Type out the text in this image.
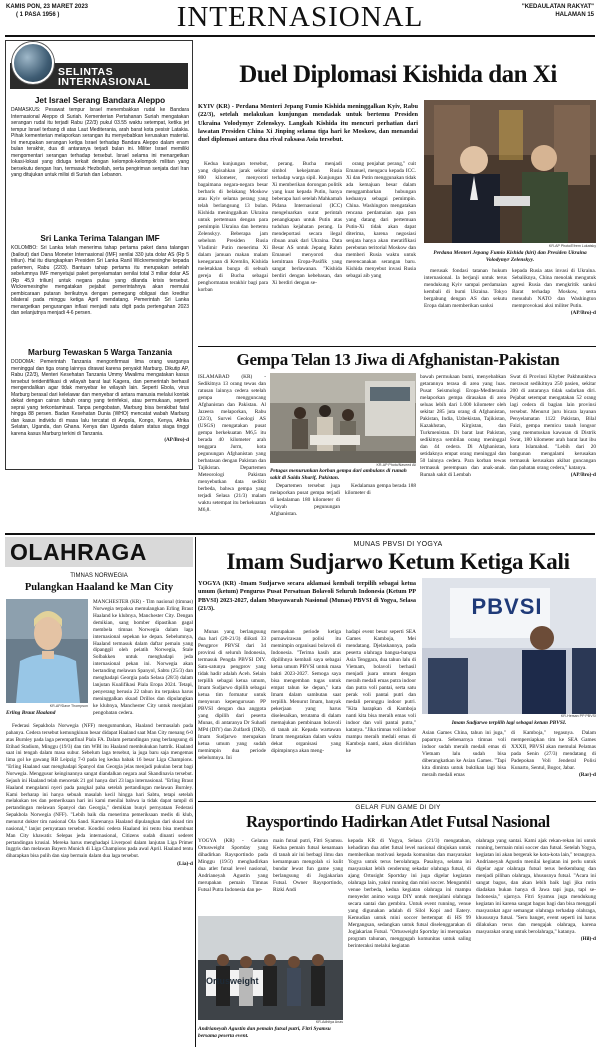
KAMIS PON, 23 MARET 2023
( 1 PASA 1956 )	INTERNASIONAL	"KEDAULATAN RAKYAT"
HALAMAN 15
SELINTAS INTERNASIONAL
Jet Israel Serang Bandara Aleppo

DAMASKUS: Pesawat tempur Israel menembakkan rudal ke Bandara Internasional Aleppo di Suriah. Kementerian Pertahanan Suriah mengatakan serangan rudal itu terjadi Rabu (22/3) pukul 03.55 waktu setempat, ketika jet tempur Israel terbang di atas Laut Mediterania, arah barat kota pesisir Latakia. Pihak kementerian melaporkan serangan itu menyebabkan kerusakan material. Ini merupakan serangan ketiga Israel terhadap Bandara Aleppo dalam enam bulan terakhir, dua di antaranya terjadi bulan ini. Militer Israel memiliki mengomentari serangan terhadap tersebut. Israel selama ini menargetkan lokasi-lokasi yang diduga terkait dengan kelompok-kelompok militan yang bersekutu dengan Iran, termasuk Hezbollah, serta pengiriman senjata dari Iran yang ditujukan untuk milisi di Suriah dan Lebanon.

Sri Lanka Terima Talangan IMF

KOLOMBO: Sri Lanka telah menerima tahap pertama paket dana talangan (bailout) dari Dana Moneter Internasional (IMF) senilai 330 juta dolar AS (Rp 5 triliun). Hal itu diungkapkan Presiden Sri Lanka Ranil Wickremesinghe kepada parlemen, Rabu (22/3). Bantuan tahap pertama itu merupakan setelah sebelumnya IMF menyetujui paket penyelamatan senilai total 3 miliar dolar AS (Rp 45,9 triliun) untuk negara pulau yang dilanda krisis tersebut. Wickremesinghe mengatakan pejabat pemerintahnya akan memulai pembicaraan putaran berikutnya dengan pemegang obligasi dan kreditur bilateral pada minggu ketiga April mendatang. Pemerintah Sri Lanka menargetkan pengurangan inflasi menjadi satu digit pada pertengahan 2023 dan selanjutnya menjadi 4-6 persen.

Marburg Tewaskan 5 Warga Tanzania

DODOMA: Pemerintah Tanzania mengonfirmasi lima orang warganya meninggal dan tiga orang lainnya dirawat karena penyakit Marburg. Dikutip AP, Rabu (22/3), Menteri Kesehatan Tanzania Ummy Mwalimu mengatakan kasus tersebut teridentifikasi di wilayah barat laut Kagera, dan pemerintah berhasil mengendalikan agar tidak menyebar ke wilayah lain. Seperti Ebola, virus Marburg berasal dari kelelawar dan menyebar di antara manusia melalui kontak dekat dengan cairan tubuh orang yang terinfeksi, atau permukaan, seperti seprai yang terkontaminasi. Tanpa pengobatan, Marburg bisa berakibat fatal hingga 88 persen. Badan Kesehatan Dunia (WHO) mencatat wabah Marburg dan kasus individu di masa lalu tercatat di Angola, Kongo, Kenya, Afrika Selatan, Uganda, dan Ghana. Kenya dan Uganda dalam status siaga tinggi karena kasus Marburg terkini di Tanzania.

(AP/Bro)-d
Duel Diplomasi Kishida dan Xi
KYIV (KR) - Perdana Menteri Jepang Fumio Kishida meninggalkan Kyiv, Rabu (22/3), setelah melakukan kunjungan mendadak untuk bertemu Presiden Ukraina Volodymyr Zelenskyy. Langkah Kishida itu mencuri perhatian dari lawatan Presiden China Xi Jinping selama tiga hari ke Moskow, dan menandai duel diplomasi antara dua rival raksasa Asia tersebut.

Kedua kunjungan tersebut, yang dipisahkan jarak sekitar 800 kilometer, menyoroti bagaimana negara-negara besar berbaris di belakang Moskow atau Kyiv selama perang yang telah berlangsung 13 bulan. Kishida meninggalkan Ukraina untuk pertemuan dengan para pemimpin Ukraina dan bertemu Zelenskyy. Beberapa jam sebelum Presiden Rusia Vladimir Putin menerima Xi dalam jamuan makan malam kenegaraan di Kremlin, Kishida meletakkan bunga di sebuah gereja di Bucha sebagai penghormatan terakhir bagi para korban

perang. Bucha menjadi simbol kekejaman Rusia terhadap warga sipil. Kunjungan Xi memberikan dorongan politik yang kuat kepada Putin, hanya beberapa hari setelah Mahkamah Pidana Internasional (ICC) mengeluarkan surat perintah penangkapan untuk Putin atas tuduhan kejahatan perang. Ia mendeportasi secara ilegal ribuan anak dari Ukraina. Data Besar AS untuk Jepang Rahm Emanuel menyoroti dua kemitraan Eropa-Pasifik yang sangat berlawanan. "Kishida berdiri dengan kebebasan, dan Xi berdiri dengan se-

orang penjahat perang," cuit Emanuel, mengacu kepada ICC. Xi dan Putin menggunakan tidak ada kemajuan besar dalam menggambarkan hubungan keduanya sebagai pemimpin. China. Washington mengatakan rencana perdamaian apa pun yang datang dari pertemuan Putin-Xi tidak akan dapat diterima, karena negosiasi senjata hanya akan meratifikasi perebutan teritorial Moskow dan memberi Rusia waktu untuk merencanakan serangan baru. Kishida menyebut invasi Rusia sebagai aib yang

KR-AP Photo/Efrem Lukatsky
Perdana Menteri Jepang Fumio Kishida (kiri) dan Presiden Ukraina Volodymyr Zelenskyy.

merusak fondasi tatanan hukum internasional. Ia berjanji untuk terus mendukung Kyiv sampai perdamaian kembali di bumi Ukraina. Tokyo bergabung dengan AS dan sekutu Eropa dalam memberikan sanksi

kepada Rusia atas invasi di Ukraina. Sebaliknya, China menolak mengutuk agresi Rusia dan mengkritik sanksi Barat terhadap Moskow, serta menuduh NATO dan Washington memprovokasi aksi militer Putin.

(AP/Bro)-d
Gempa Telan 13 Jiwa di Afghanistan-Pakistan

ISLAMABAD (KR) - Sedikitnya 13 orang tewas dan ratusan lainnya cedera setelah gempa mengguncang Afghanistan dan Pakistan. Al Jazeera melaporkan, Rabu (22/3), Survei Geologi AS (USGS) mengatakan pusat gempa berkekuatan M6,5 itu berada 40 kilometer arah tenggara Jurm, kota pegunungan Afghanistan yang berbatasan dengan Pakistan dan Tajikistan. Departemen Meteorologi Pakistan menyebutkan data sedikit berbeda, bahwa gempa yang terjadi Selasa (21/3) malam waktu setempat itu berkekuatan M6,8.

KR-AP Photo/Naveed Ali
Petugas menurunkan korban gempa dari ambulans di rumah sakit di Saidu Sharif, Pakistan.

Departemen tersebut juga melaporkan pusat gempa terjadi di kedalaman 180 kilometer di wilayah pegunungan Afghanistan.

Kedalaman gempa berada 188 kilometer di

bawah permukaan bumi, menyebabkan getarannya terasa di area yang luas. Pusat Seismologi Eropa-Mediterania melaporkan gempa dirasakan di area seluas lebih dari 1.000 kilometer oleh sekitar 285 juta orang di Afghanistan, Pakistan, India, Uzbekistan, Tajikistan, Kazakhstan, Kirgistan, dan Turkmenistan. Di barat laut Pakistan, sedikitnya sembilan orang meninggal dan 44 cedera. Di Afghanistan, setidaknya empat orang meninggal dan 50 lainnya cedera. Para korban tewas termasuk perempuan dan anak-anak. Rumah sakit di Lembah

Swat di Provinsi Khyber Pakhtunkhwa merawat sedikitnya 250 pasien, sekitar 200 di antaranya tidak sadarkan diri. Pejabat setempat mengatakan 52 orang lagi cedera di bagian lain provinsi tersebut. Menurut juru bicara layanan Penyelamatan 1122 Pakistan, Bilal Faizi, gempa memicu tanah longsor yang memutuskan kawasan di Distrik Swat, 180 kilometer arah barat laut ibu kota Islamabad. "Lebih dari 20 bangunan mengalami kerusakan termasuk kerusakan akibat guncangan dan pahatan orang cedera," katanya.

(AP/Bro)-d
OLAHRAGA
TIMNAS NORWEGIA
Pulangkan Haaland ke Man City
KR-AP/Dave Thompson
Erling Braut Haaland

MANCHESTER (KR) - Tim nasional (timnas) Norwegia terpaksa memulangkan Erling Braut Haaland ke klubnya, Manchester City. Dengan demikian, sang bomber dipastikan gagal membela timnas Norwegia dalam laga internasional sepekan ke depan. Sebelumnya, Haaland termasuk dalam daftar pemain yang dipanggil oleh pelatih Norwegia, Stale Solbakken untuk menghadapi jeda internasional pekan ini. Norwegia akan bertanding melawan Spanyol, Sabtu (25/3) dan menghadapi Georgia pada Selasa (28/3) dalam lanjutan Kualifikasi Piala Eropa 2024. Tetapi, penyerang berusia 22 tahun itu terpaksa harus meninggalkan skuad Drillos dan dipulangkan ke klubnya, Manchester City untuk menjalani pengobatan cedera.

Federasi Sepakbola Norwegia (NFF) mengumumkan, Haaland bermasalah pada pahanya. Cedera tersebut kemungkinan besar didapat Haaland saat Man City menang 6-0 atas Burnley pada laga perempatfinal Piala FA. Dalam pertandingan yang berlangsung di Etihad Stadium, Minggu (19/3) dan tim WBI itu Haaland membukukan hattrik. Haaland saat ini tengah dalam masa subur. Sebelum laga tersebut, ia juga baru saja mengemas lima gol ke gawang RB Leipzig 7-0 pada leg kedua babak 16 besar Liga Champions. "Erling Haaland saat menghadapi Spanyol dan Georgia jelas menjadi pukulan berat bagi Norwegia. Menggusur keinginannya sangat diandalkan negara asal Skandinavia tersebut. Sejauh ini Haaland telah mencetak 21 gol hanya dari 23 laga internasional. "Erling Braut Haaland mengalami nyeri pada pangkal paha setelah pertandingan melawan Burnley. Kami berharap ini hanya sebuah masalah kecil hingga hari Sabtu, tetapi setelah melakukan tes dan pemeriksaan hari ini kami menilai bahwa ia tidak dapat tampil di pertandingan melawan Spanyol dan Georgia," demikian bunyi pernyataan Federasi Sepakbola Norwegia (NFF). "Lebih baik dia menerima pemeriksaan medis di klub, menurut dokter tim nasional Ola Sand. Karenanya Haaland dipulangkan dari skuad tim nasional," lanjut pernyataan tersebut. Kondisi cedera Haaland ini tentu bisa membuat Man City khawatir. Selepas jeda internasional, Citizens sudah dinanti sederet pertandingan krusial. Mereka harus menghadapi Liverpool dalam lanjutan Liga Primer Inggris dan melawan Bayern Munich di Liga Champions pada awal April. Haaland tentu diharapkan bisa pulih dan siap bermain dalam dua laga tersebut.

(Lia)-d
MUNAS PBVSI DI YOGYA
Imam Sudjarwo Ketum Ketiga Kali
YOGYA (KR) -Imam Sudjarwo secara aklamasi kembali terpilih sebagai ketua umum (ketum) Pengurus Pusat Persatuan Bolavoli Seluruh Indonesia (Ketum PP PBVSI) 2023-2027, dalam Musyawarah Nasional (Munas) PBVSI di Yogya, Selasa (21/3).

Munas yang berlangsung dua hari (20-21/3) diikuti 33 Pengprov PBVSI dari 34 provinsi di seluruh Indonesia, termasuk Pengda PBVSI DIY. Satu-satunya pengprov yang tidak hadir adalah Aceh. Selain terpilih sebagai ketua umum, Imam Sudjarwo dipilih sebagai ketua tim formatur untuk menyusun kepengurusan PP PBVSI dengan dua anggota yang dipilih dari peserta Munas, di antaranya Dr Suhadi MPd (DIY) dan Zulfardi (DKI). Imam Sudjarwo merupakan ketua umum yang sudah memimpin dua periode sebelumnya. Ini

merupakan periode ketiga purnawirawan polisi itu memimpin organisasi bolavoli di Indonesia. "Terima kasih atas dipilihnya kembali saya sebagai ketua umum PBVSI untuk masa bakti 2023-2027. Semoga saya bisa mengemban tugas untuk empat tahun ke depan," kata Imam dalam sambutan saat terpilih. Menurut Imam, banyak pekerjaan yang harus diselesaikan, terutama di dalam memajukan pembinaan bolavoli di tanah air. Kepada wartawan Imam mengatakan dalam waktu dekat organisasi yang dipimpinnya akan meng-

hadapi event besar seperti SEA Games Kamboja, Mei mendatang. Djelaskannya, pada peserta olahraga bangsa-bangsa Asia Tenggara, dua tahun lalu di Vietnam, bolavoli berhasil menjadi juara umum dengan meraih medali emas putra indoor dan putra voli pantai, serta satu perak voli pantai putri dan medali perunggu indoor putri. "Kita harapkan di Kamboja nanti kita bisa meraih emas voli indoor dan voli pantai putra," katanya. "Jika timnas voli indoor mampu meraih medali emas di Kamboja nanti, akan dicirikhan ke

PBVSI
KR-Hersan PP PBVSI
Imam Sudjarwo terpilih lagi sebagai ketum PBVSI.

Asian Games China, tahun ini juga," paparnya. Sebenarnya timnas voli indoor sudah meraih medali emas di Vietnam lalu sudah bisa diberangkatkan ke Asian Games. "Tapi kita diminta untuk buktikan lagi bisa meraih medali emas

di Kamboja," tegasnya. Dalam mempersiapkan tim ke SEA Games XXXII, PBVSI akan memulai Pelatnas pada Senin (27/3) mendatang di Padepokan Voli Jenderal Polisi Kunarto, Sentul, Bogor, Jabar.

(Rar)-d
GELAR FUN GAME DI DIY
Raysportindo Hadirkan Atlet Futsal Nasional

YOGYA (KR) - Gelaran Ortusweight Sportday yang dihadirkan Raysportindo pada Minggu (19/3) menghadirkan dua atlet futsal level nasional, Andrianeyah Agustin yang merupakan pemain Timnas Futsal Putra Indonesia dan pe-

main futsal putri, Fitri Syamsu. Kedua pemain futsal kenamaan di tanah air ini berbagi ilmu dan kemampuan mengolah si kulit bundar lewat fun game yang berlangsung di Jogjakarian Futsal. Owner Raysportindo, Rizki Andi

Ortusweight
KR-Adhitya Anas
Andrianeyah Agustin dan pemain futsal putri, Fitri Syamsu bersama peserta event.

kepada KR di Yogya, Selasa (21/3) mengatakan, kehadiran dua atlet futsal level nasional ditujukan untuk memberikan motivasi kepada komunitas dan masyarakat Yogya untuk terus berolahraga. Pasalnya, selama ini masyarakat lebih cenderung sekadar olahraga futsal, di ajang Ortusight Sportday ini juga digelar kegiatan olahraga lain, yakni running dan mini soccer. Mengambil venue berbeda, kedua kegiatan olahraga ini mampu menyedot animo warga DIY untuk menjalani olahraga secara santai dan gembira. Untuk event running, venue yang digunakan adalah di Silol Kopi and Eatery. Kemudian untuk mini soccer bertempat di HS 99 Mergangsan, sedangkan untuk futsal diselenggarakan di Jogjakarian Futsal. "Ortusweight Sportday ini merupakan program tahunan, menggugah komunitas untuk saling berinteraksi melalui kegiatan

olahraga yang santai. Kami ajak rekan-rekan ini untuk running, bermain mini soccer dan futsal. Setelah Yogya, kegiatan ini akan bergerak ke kota-kota lain," terangnya. Andrianeyah Agustin menilai kegiatan ini perlu untuk digelar agar olahraga futsal terus berkembang dan menjadi pilihan olahraga, khususnya futsal. "Acara ini sangat bagus, dan akan lebih baik lagi jika rutin diadakan bukan hanya di Jawa tapi juga, tapi se-Indonesia," ujarnya. Fitri Syamsu juga mendukung kegiatan ini karena sangat bagus bagi dan bisa menggali masyarakat agar semangat olahraga terhadap olahraga, khususnya futsal. "Seru banget, event seperti ini harus dilakukan terus dan mengajak olahraga, karena masyarakat orang untuk berolahraga," katanya.

(Hil)-d
